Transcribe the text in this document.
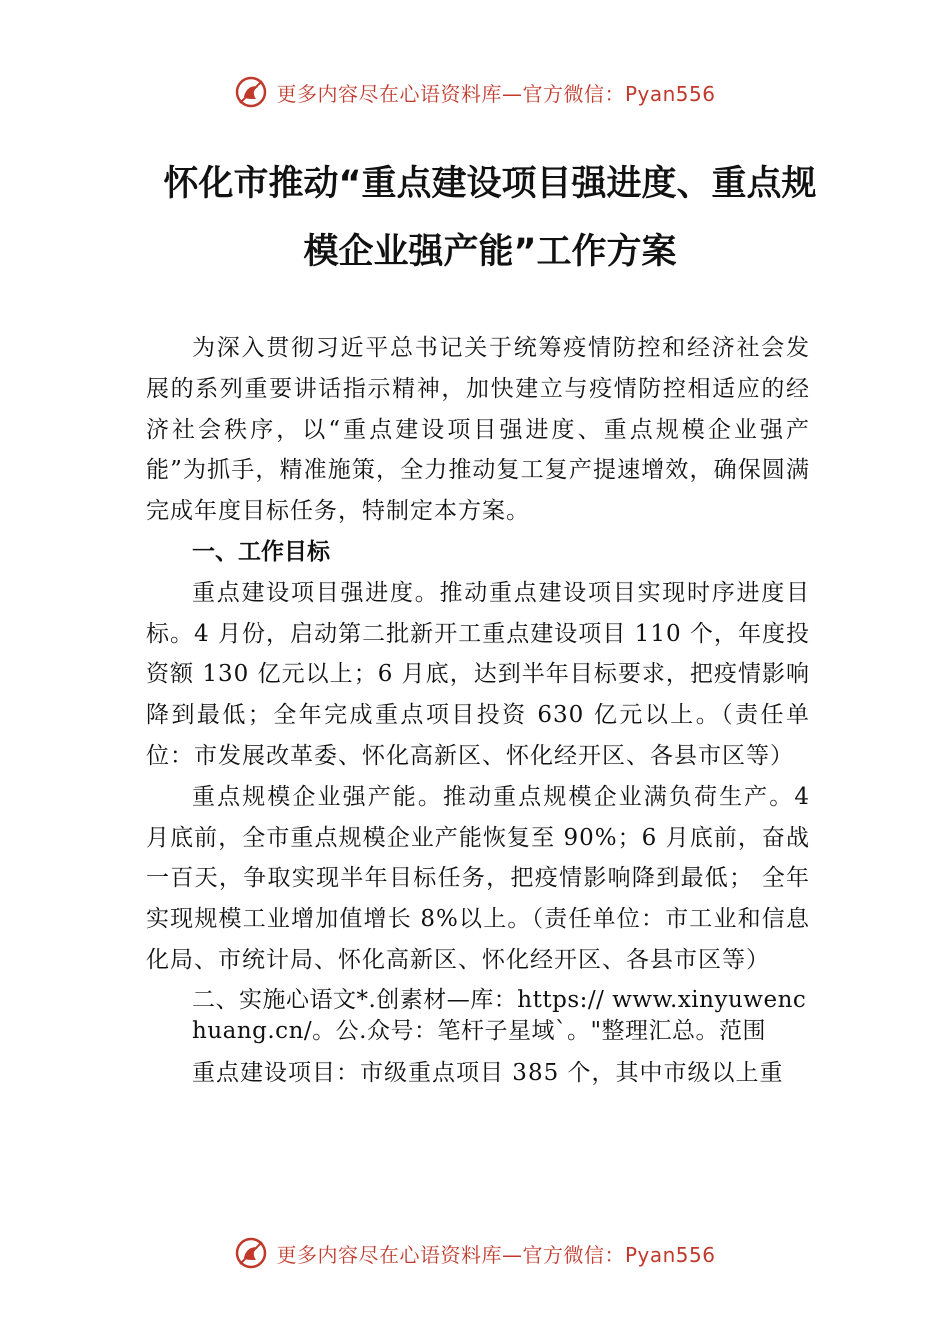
更多内容尽在心语资料库—官方微信：Pyan556
怀化市推动“重点建设项目强进度、重点规模企业强产能”工作方案

为深入贯彻习近平总书记关于统筹疫情防控和经济社会发展的系列重要讲话指示精神，加快建立与疫情防控相适应的经济社会秩序，以“重点建设项目强进度、重点规模企业强产能”为抓手，精准施策，全力推动复工复产提速增效，确保圆满完成年度目标任务，特制定本方案。

一、工作目标

重点建设项目强进度。推动重点建设项目实现时序进度目标。4 月份，启动第二批新开工重点建设项目 110 个，年度投资额 130 亿元以上；6 月底，达到半年目标要求，把疫情影响降到最低；全年完成重点项目投资 630 亿元以上。（责任单位：市发展改革委、怀化高新区、怀化经开区、各县市区等）

重点规模企业强产能。推动重点规模企业满负荷生产。4 月底前，全市重点规模企业产能恢复至 90%；6 月底前，奋战一百天，争取实现半年目标任务，把疫情影响降到最低； 全年实现规模工业增加值增长 8%以上。（责任单位：市工业和信息化局、市统计局、怀化高新区、怀化经开区、各县市区等）

二、实施心语文*.创素材—库：https:// www.xinyuwenchuang.cn/。公.众号：笔杆子星域`。"整理汇总。范围

重点建设项目：市级重点项目 385 个，其中市级以上重

更多内容尽在心语资料库—官方微信：Pyan556
